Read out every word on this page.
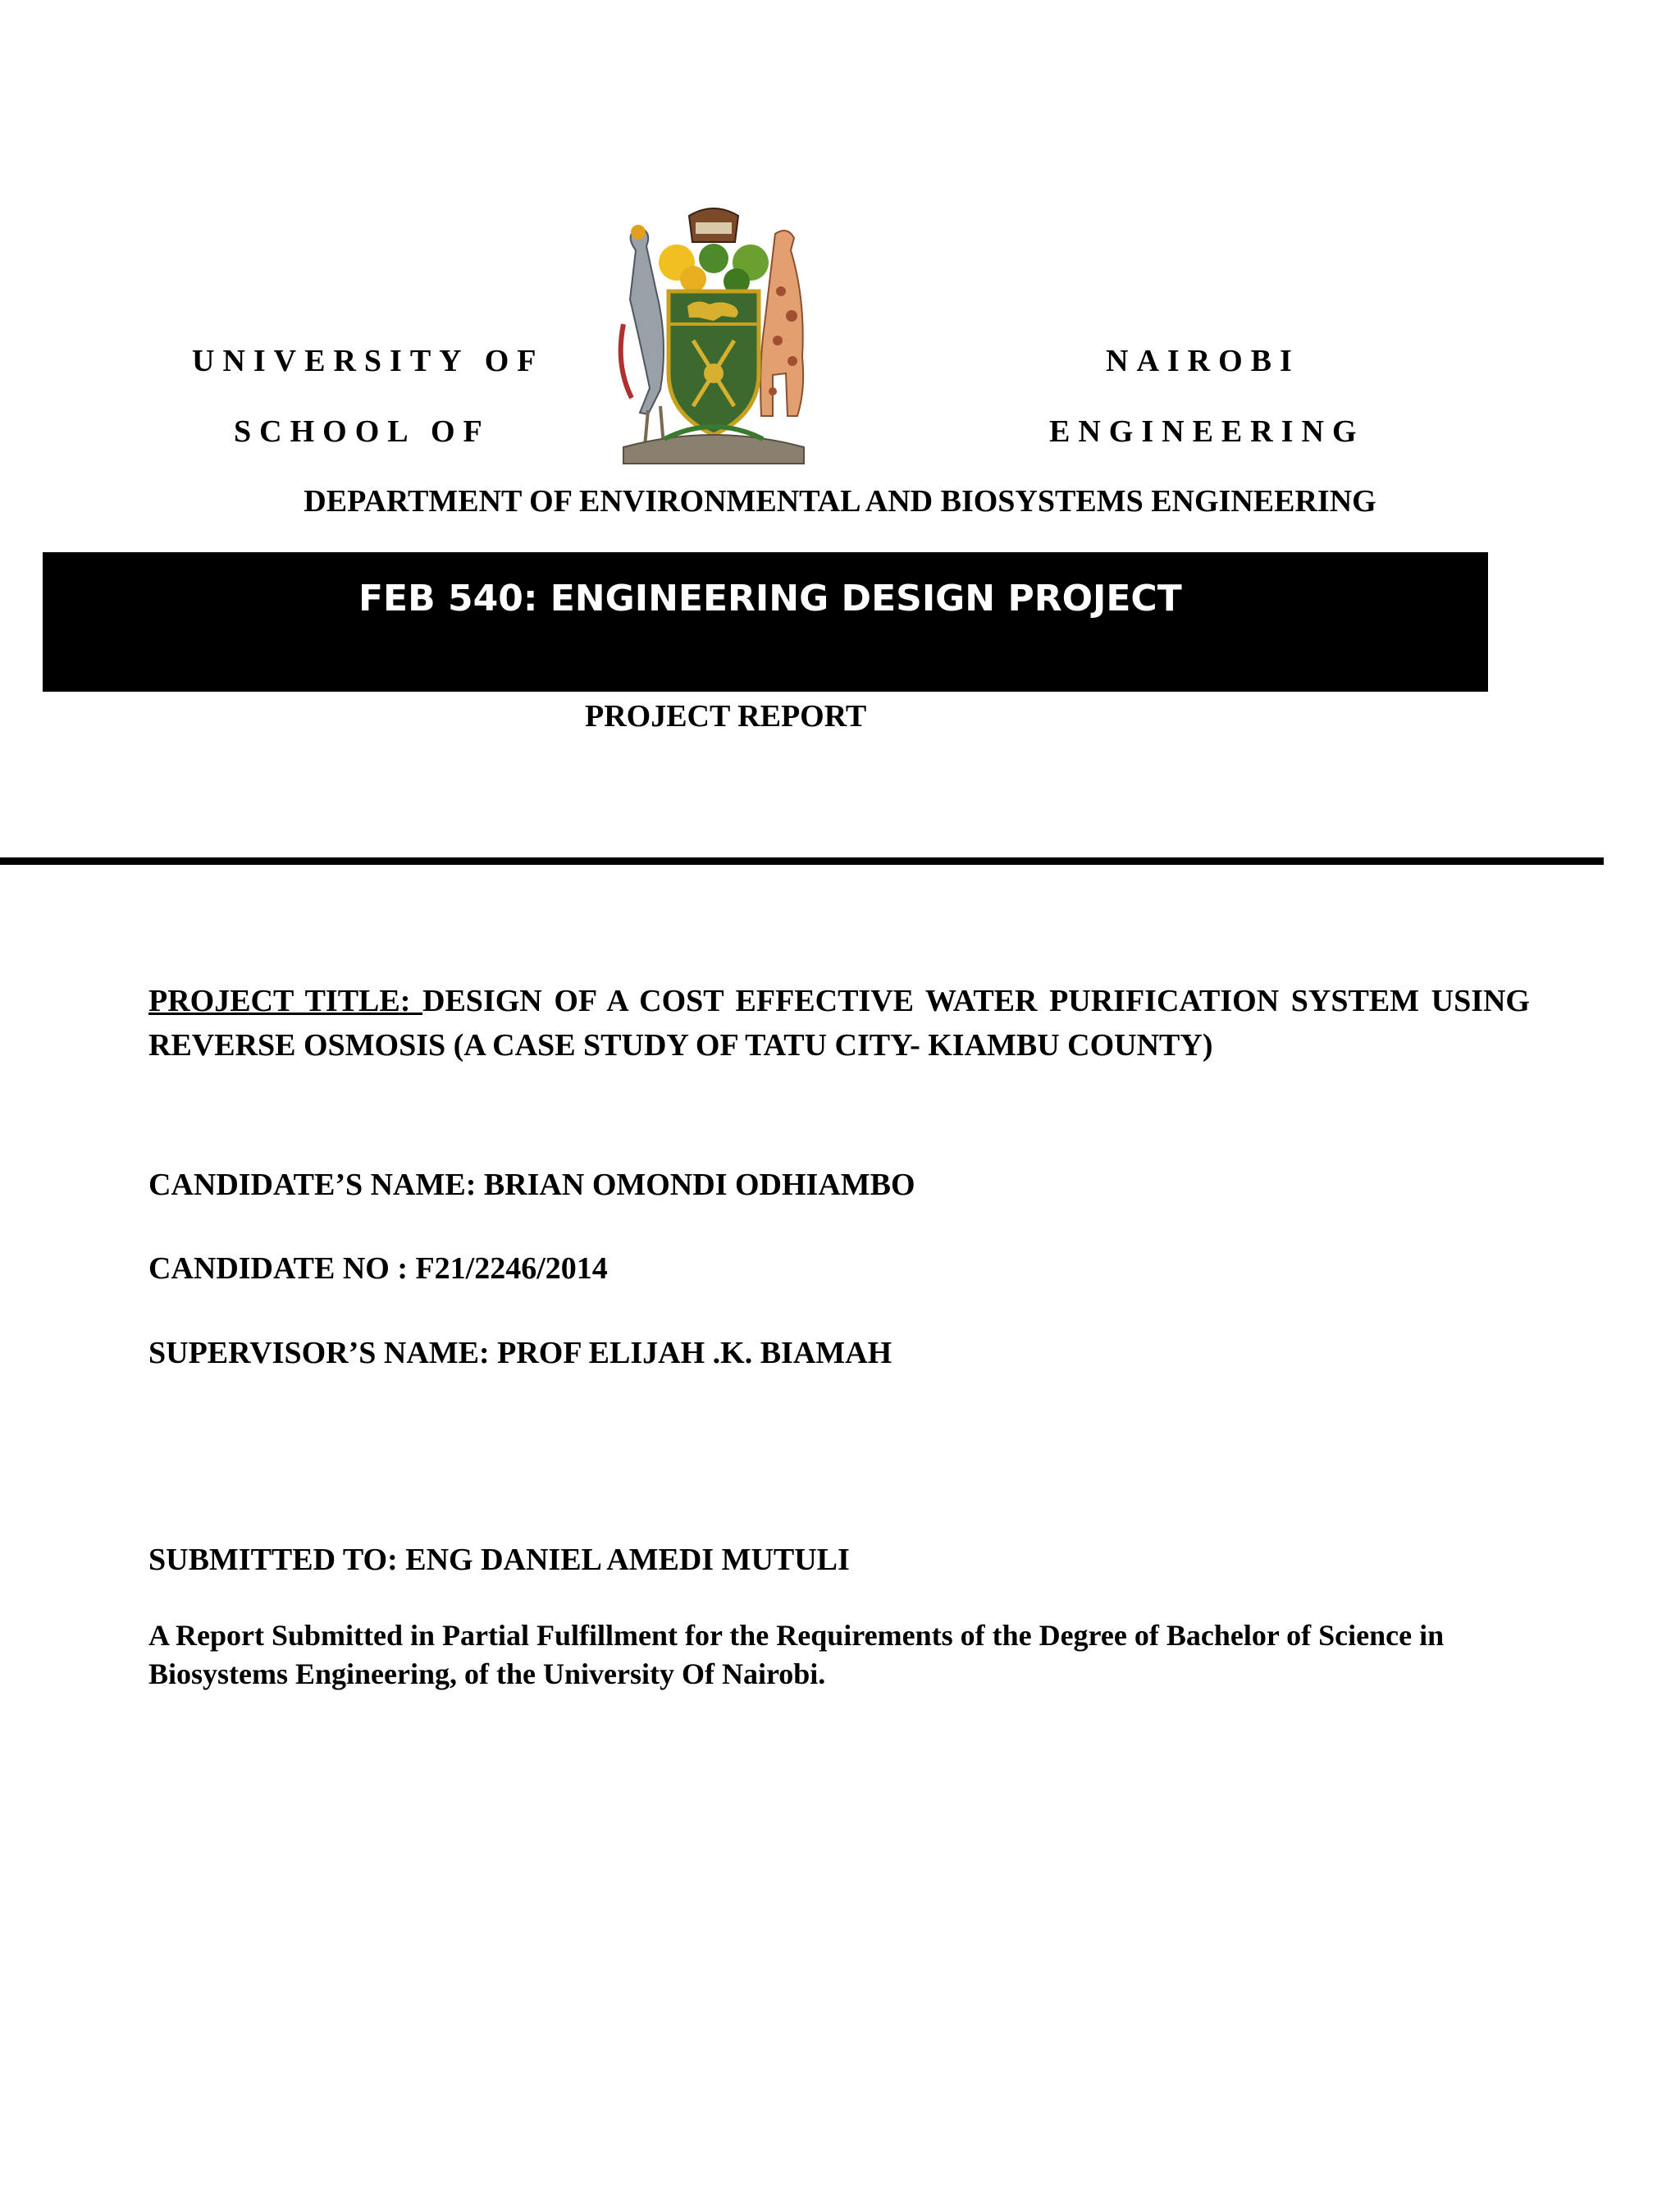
UNIVERSITY OF	NAIROBI
SCHOOL OF	ENGINEERING
DEPARTMENT OF ENVIRONMENTAL AND BIOSYSTEMS ENGINEERING
FEB 540: ENGINEERING DESIGN PROJECT
PROJECT REPORT
PROJECT TITLE: DESIGN OF A COST EFFECTIVE WATER PURIFICATION SYSTEM USING REVERSE OSMOSIS (A CASE STUDY OF TATU CITY- KIAMBU COUNTY)
CANDIDATE’S NAME: BRIAN OMONDI ODHIAMBO
CANDIDATE NO : F21/2246/2014
SUPERVISOR’S NAME: PROF ELIJAH .K. BIAMAH
SUBMITTED TO: ENG DANIEL AMEDI MUTULI
A Report Submitted in Partial Fulfillment for the Requirements of the Degree of Bachelor of Science in Biosystems Engineering, of the University Of Nairobi.
